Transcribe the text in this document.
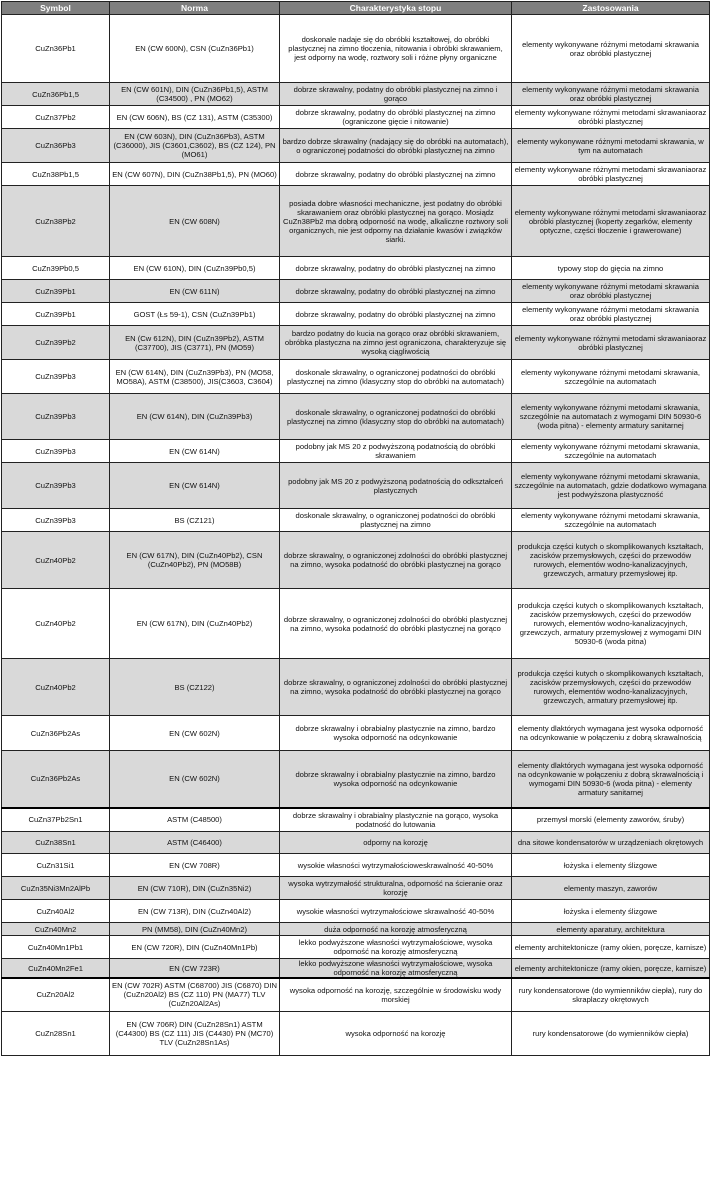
Symbol	Norma	Charakterystyka stopu	Zastosowania
CuZn36Pb1	EN (CW 600N), CSN (CuZn36Pb1)	doskonale nadaje się do obróbki kształtowej, do obróbki plastycznej na zimno tłoczenia, nitowania i obróbki skrawaniem, jest odporny na wodę, roztwory soli i różne płyny organiczne	elementy wykonywane różnymi metodami skrawania oraz obróbki plastycznej
CuZn36Pb1,5	EN (CW 601N), DIN (CuZn36Pb1,5), ASTM (C34500) , PN (MO62)	dobrze skrawalny, podatny do obróbki plastycznej na zimno i gorąco	elementy wykonywane różnymi metodami skrawania oraz obróbki plastycznej
CuZn37Pb2	EN (CW 606N), BS (CZ 131), ASTM (C35300)	dobrze skrawalny, podatny do obróbki plastycznej na zimno (ograniczone gięcie i nitowanie)	elementy wykonywane różnymi metodami skrawaniaoraz obróbki plastycznej
CuZn36Pb3	EN (CW 603N), DIN (CuZn36Pb3), ASTM (C36000), JIS (C3601,C3602), BS (CZ 124), PN (MO61)	bardzo dobrze skrawalny (nadający się do obróbki na automatach), o ograniczonej podatności do obróbki plastycznej na zimno	elementy wykonywane różnymi metodami skrawania, w tym na automatach
CuZn38Pb1,5	EN (CW 607N), DIN (CuZn38Pb1,5), PN (MO60)	dobrze skrawalny, podatny do obróbki plastycznej na zimno	elementy wykonywane różnymi metodami skrawaniaoraz obróbki plastycznej
CuZn38Pb2	EN (CW 608N)	posiada dobre własności mechaniczne, jest podatny do obróbki skarawaniem oraz obróbki plastycznej na gorąco. Mosiądz CuZn38Pb2 ma dobrą odporność na wodę, alkaliczne roztwory soli organicznych, nie jest odporny na działanie kwasów i związków siarki.	elementy wykonywane różnymi metodami skrawaniaoraz obróbki plastycznej (koperty zegarków, elementy optyczne, części tłoczenie i grawerowane)
CuZn39Pb0,5	EN (CW 610N), DIN (CuZn39Pb0,5)	dobrze skrawalny, podatny do obróbki plastycznej na zimno	typowy stop do gięcia na zimno
CuZn39Pb1	EN (CW 611N)	dobrze skrawalny, podatny do obróbki plastycznej na zimno	elementy wykonywane różnymi metodami skrawania oraz obróbki plastycznej
CuZn39Pb1	GOST (Łs 59-1), CSN (CuZn39Pb1)	dobrze skrawalny, podatny do obróbki plastycznej na zimno	elementy wykonywane różnymi metodami skrawania oraz obróbki plastycznej
CuZn39Pb2	EN (Cw 612N), DIN (CuZn39Pb2), ASTM (C37700), JIS (C3771), PN (MO59)	bardzo podatny do kucia na gorąco oraz obróbki skrawaniem, obróbka plastyczna na zimno jest ograniczona, charakteryzuje się wysoką ciągliwością	elementy wykonywane różnymi metodami skrawaniaoraz obróbki plastycznej
CuZn39Pb3	EN (CW 614N), DIN (CuZn39Pb3), PN (MO58, MO58A), ASTM (C38500), JIS(C3603, C3604)	doskonale skrawalny, o ograniczonej podatności do obróbki plastycznej na zimno (klasyczny stop do obróbki na automatach)	elementy wykonywane różnymi metodami skrawania, szczególnie na automatach
CuZn39Pb3	EN (CW 614N), DIN (CuZn39Pb3)	doskonale skrawalny, o ograniczonej podatności do obróbki plastycznej na zimno (klasyczny stop do obróbki na automatach)	elementy wykonywane różnymi metodami skrawania, szczególnie na automatach z wymogami DIN 50930-6 (woda pitna) - elementy armatury sanitarnej
CuZn39Pb3	EN (CW 614N)	podobny jak MS 20 z podwyższoną podatnością do obróbki skrawaniem	elementy wykonywane różnymi metodami skrawania, szczególnie na automatach
CuZn39Pb3	EN (CW 614N)	podobny jak MS 20 z podwyższoną podatnością do odkształceń plastycznych	elementy wykonywane różnymi metodami skrawania, szczególnie na automatach, gdzie dodatkowo wymagana jest podwyższona plastyczność
CuZn39Pb3	BS (CZ121)	doskonale skrawalny, o ograniczonej podatności do obróbki plastycznej na zimno	elementy wykonywane różnymi metodami skrawania, szczególnie na automatach
CuZn40Pb2	EN (CW 617N), DIN (CuZn40Pb2), CSN (CuZn40Pb2), PN (MO58B)	dobrze skrawalny, o ograniczonej zdolności do obróbki plastycznej na zimno, wysoka podatność do obróbki plastycznej na gorąco	produkcja części kutych o skomplikowanych kształtach, zacisków przemysłowych, części do przewodów rurowych, elementów wodno-kanalizacyjnych, grzewczych, armatury przemysłowej itp.
CuZn40Pb2	EN (CW 617N), DIN (CuZn40Pb2)	dobrze skrawalny, o ograniczonej zdolności do obróbki plastycznej na zimno, wysoka podatność do obróbki plastycznej na gorąco	produkcja części kutych o skomplikowanych kształtach, zacisków przemysłowych, części do przewodów rurowych, elementów wodno-kanalizacyjnych, grzewczych, armatury przemysłowej z wymogami DIN 50930-6 (woda pitna)
CuZn40Pb2	BS (CZ122)	dobrze skrawalny, o ograniczonej zdolności do obróbki plastycznej na zimno, wysoka podatność do obróbki plastycznej na gorąco	produkcja części kutych o skomplikowanych kształtach, zacisków przemysłowych, części do przewodów rurowych, elementów wodno-kanalizacyjnych, grzewczych, armatury przemysłowej itp.
CuZn36Pb2As	EN (CW 602N)	dobrze skrawalny i obrabialny plastycznie na zimno, bardzo wysoka odporność na odcynkowanie	elementy dlaktórych wymagana jest wysoka odporność na odcynkowanie w połączeniu z dobrą skrawalnością
CuZn36Pb2As	EN (CW 602N)	dobrze skrawalny i obrabialny plastycznie na zimno, bardzo wysoka odporność na odcynkowanie	elementy dlaktórych wymagana jest wysoka odporność na odcynkowanie w połączeniu z dobrą skrawalnością i wymogami DIN 50930-6 (woda pitna) - elementy armatury sanitarnej
CuZn37Pb2Sn1	ASTM (C48500)	dobrze skrawalny i obrabialny plastycznie na gorąco, wysoka podatność do lutowania	przemysł morski (elementy zaworów, śruby)
CuZn38Sn1	ASTM (C46400)	odporny na korozję	dna sitowe kondensatorów w urządzeniach okrętowych
CuZn31Si1	EN (CW 708R)	wysokie własności wytrzymałościoweskrawalność 40-50%	łożyska i elementy ślizgowe
CuZn35Ni3Mn2AlPb	EN (CW 710R), DIN (CuZn35Ni2)	wysoka wytrzymałość strukturalna, odporność na ścieranie oraz korozję	elementy maszyn, zaworów
CuZn40Al2	EN (CW 713R), DIN (CuZn40Al2)	wysokie własności wytrzymałościowe skrawalność 40-50%	łożyska i elementy ślizgowe
CuZn40Mn2	PN (MM58), DIN (CuZn40Mn2)	duża odporność na korozję atmosferyczną	elementy aparatury, architektura
CuZn40Mn1Pb1	EN (CW 720R), DIN (CuZn40Mn1Pb)	lekko podwyższone własności wytrzymałościowe, wysoka odporność na korozję atmosferyczną	elementy architektonicze (ramy okien, poręcze, karnisze)
CuZn40Mn2Fe1	EN (CW 723R)	lekko podwyższone własności wytrzymałościowe, wysoka odporność na korozję atmosferyczną	elementy architektonicze (ramy okien, poręcze, karnisze)
CuZn20Al2	EN (CW 702R) ASTM (C68700) JIS (C6870) DIN (CuZn20Al2) BS (CZ 110) PN (MA77) TLV (CuZn20Al2As)	wysoka odporność na korozję, szczególnie w środowisku wody morskiej	rury kondensatorowe (do wymienników ciepła), rury do skraplaczy okrętowych
CuZn28Sn1	EN (CW 706R) DIN (CuZn28Sn1) ASTM (C44300) BS (CZ 111) JIS (C4430) PN (MC70) TLV (CuZn28Sn1As)	wysoka odporność na korozję	rury kondensatorowe (do wymienników ciepła)
